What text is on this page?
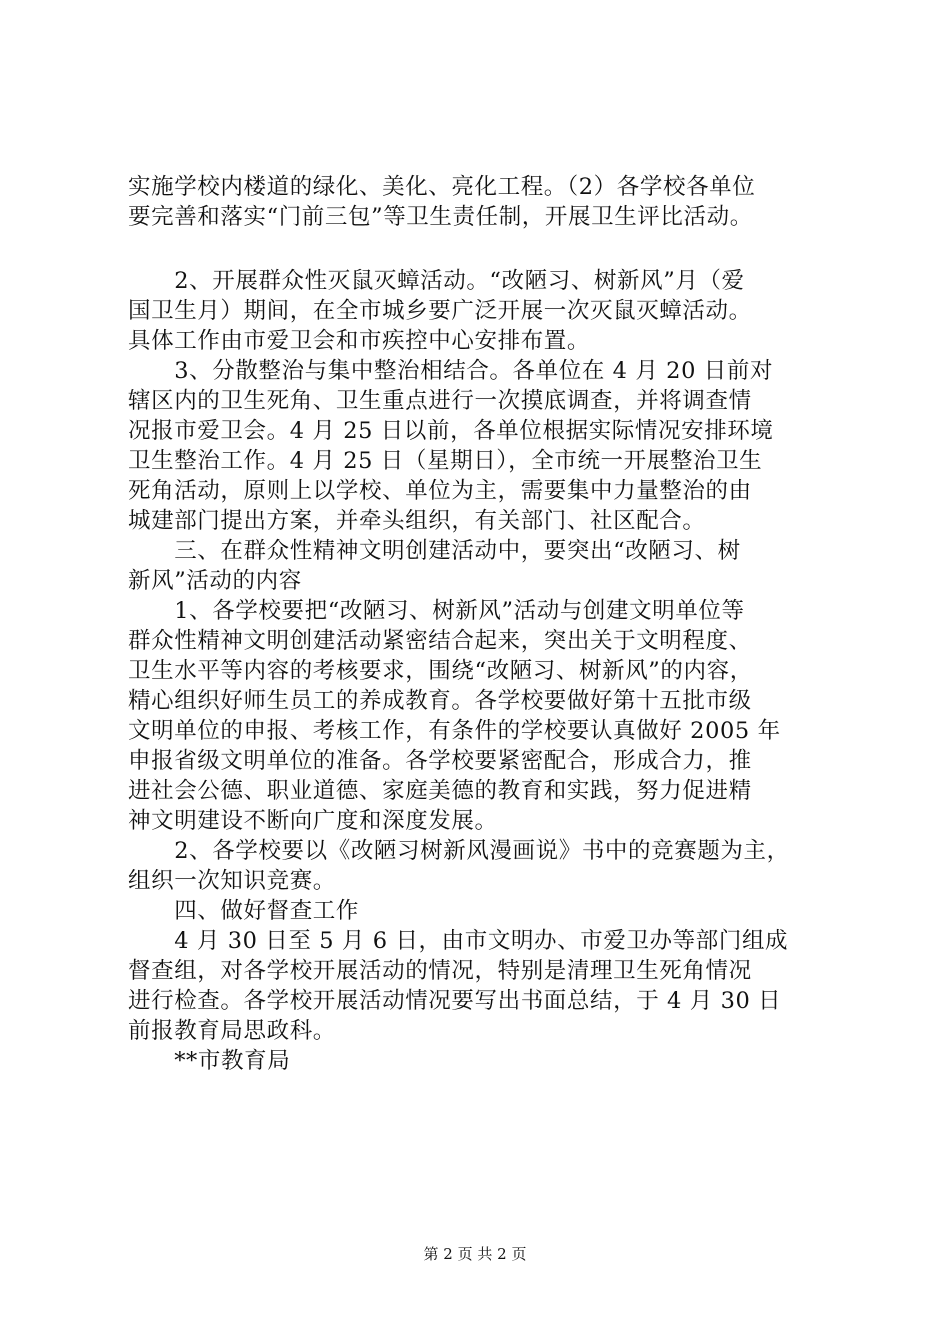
实施学校内楼道的绿化、美化、亮化工程。（2）各学校各单位
要完善和落实“门前三包”等卫生责任制，开展卫生评比活动。
　　2、开展群众性灭鼠灭蟑活动。“改陋习、树新风”月（爱
国卫生月）期间，在全市城乡要广泛开展一次灭鼠灭蟑活动。
具体工作由市爱卫会和市疾控中心安排布置。
　　3、分散整治与集中整治相结合。各单位在 4 月 20 日前对
辖区内的卫生死角、卫生重点进行一次摸底调查，并将调查情
况报市爱卫会。4 月 25 日以前，各单位根据实际情况安排环境
卫生整治工作。4 月 25 日（星期日），全市统一开展整治卫生
死角活动，原则上以学校、单位为主，需要集中力量整治的由
城建部门提出方案，并牵头组织，有关部门、社区配合。
　　三、在群众性精神文明创建活动中，要突出“改陋习、树
新风”活动的内容
　　1、各学校要把“改陋习、树新风”活动与创建文明单位等
群众性精神文明创建活动紧密结合起来，突出关于文明程度、
卫生水平等内容的考核要求，围绕“改陋习、树新风”的内容，
精心组织好师生员工的养成教育。各学校要做好第十五批市级
文明单位的申报、考核工作，有条件的学校要认真做好 2005 年
申报省级文明单位的准备。各学校要紧密配合，形成合力，推
进社会公德、职业道德、家庭美德的教育和实践，努力促进精
神文明建设不断向广度和深度发展。
　　2、各学校要以《改陋习树新风漫画说》书中的竞赛题为主，
组织一次知识竞赛。
　　四、做好督查工作
　　4 月 30 日至 5 月 6 日，由市文明办、市爱卫办等部门组成
督查组，对各学校开展活动的情况，特别是清理卫生死角情况
进行检查。各学校开展活动情况要写出书面总结，于 4 月 30 日
前报教育局思政科。
　　**市教育局
第 2 页 共 2 页
